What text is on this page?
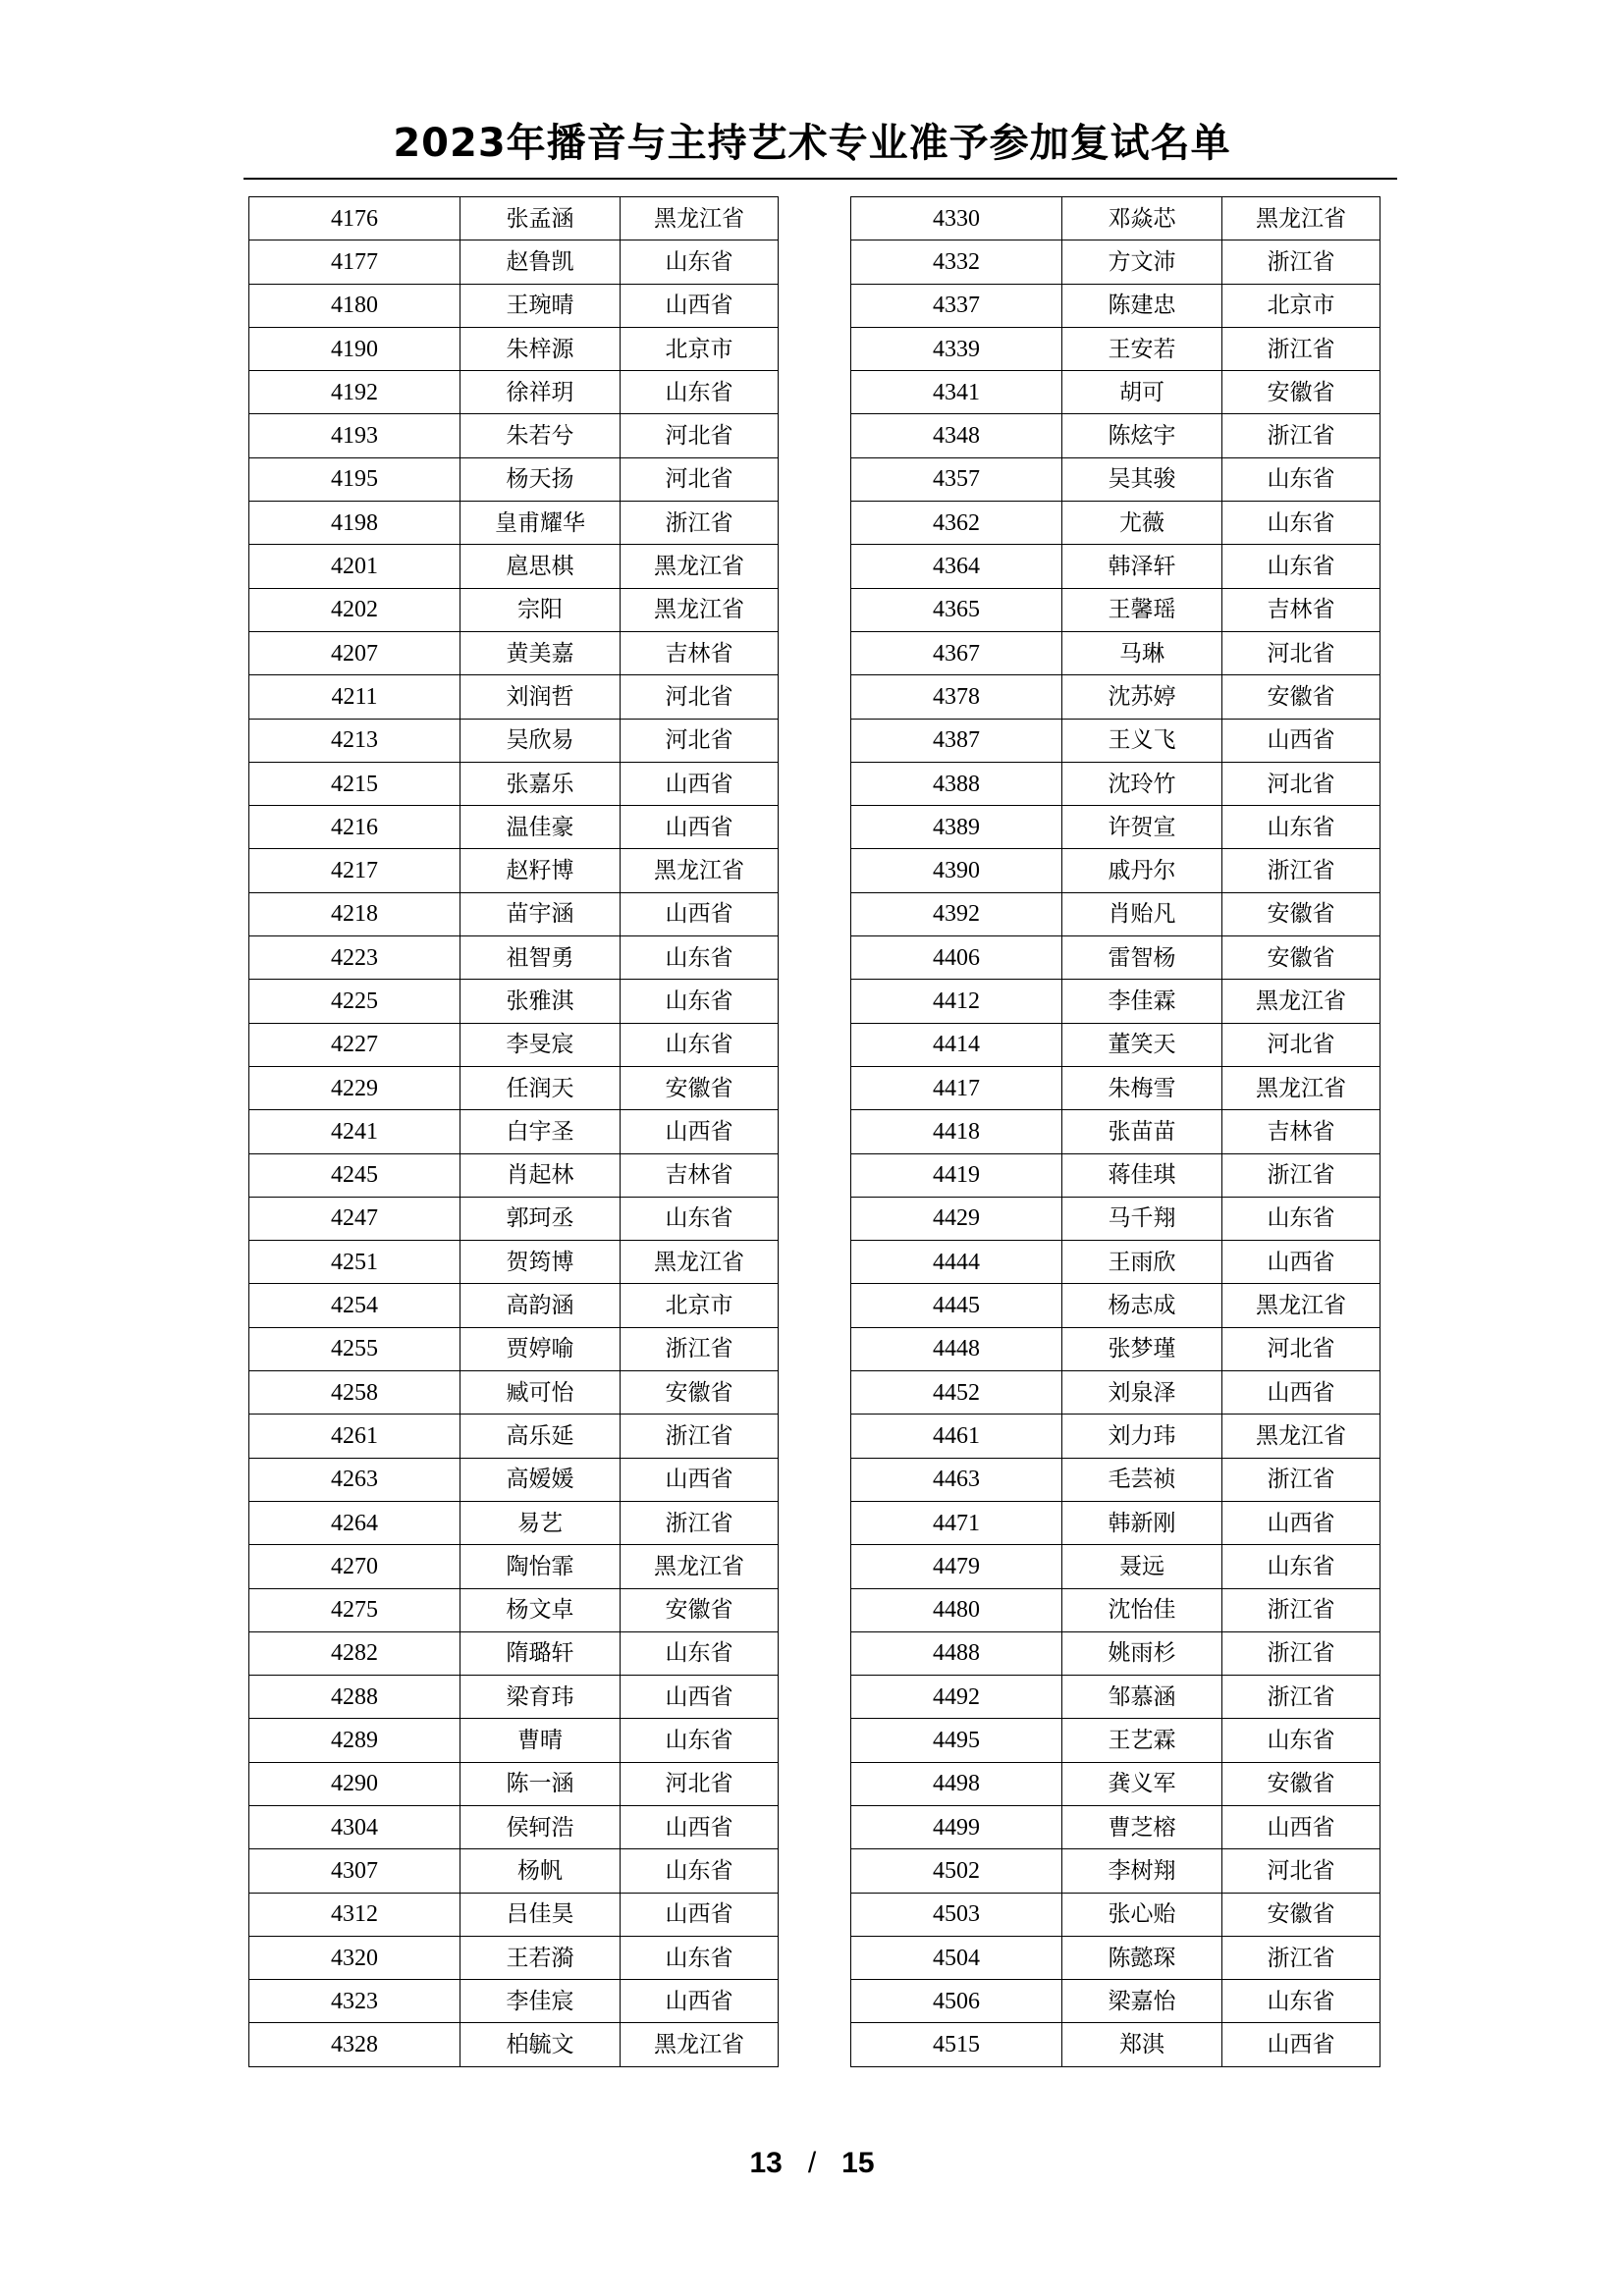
2023年播音与主持艺术专业准予参加复试名单
4176	张孟涵	黑龙江省
4177	赵鲁凯	山东省
4180	王琬晴	山西省
4190	朱梓源	北京市
4192	徐祥玥	山东省
4193	朱若兮	河北省
4195	杨天扬	河北省
4198	皇甫耀华	浙江省
4201	扈思棋	黑龙江省
4202	宗阳	黑龙江省
4207	黄美嘉	吉林省
4211	刘润哲	河北省
4213	吴欣易	河北省
4215	张嘉乐	山西省
4216	温佳豪	山西省
4217	赵籽博	黑龙江省
4218	苗宇涵	山西省
4223	祖智勇	山东省
4225	张雅淇	山东省
4227	李旻宸	山东省
4229	任润天	安徽省
4241	白宇圣	山西省
4245	肖起林	吉林省
4247	郭珂丞	山东省
4251	贺筠博	黑龙江省
4254	高韵涵	北京市
4255	贾婷喻	浙江省
4258	臧可怡	安徽省
4261	高乐延	浙江省
4263	高嫒媛	山西省
4264	易艺	浙江省
4270	陶怡霏	黑龙江省
4275	杨文卓	安徽省
4282	隋璐轩	山东省
4288	梁育玮	山西省
4289	曹晴	山东省
4290	陈一涵	河北省
4304	侯轲浩	山西省
4307	杨帆	山东省
4312	吕佳昊	山西省
4320	王若漪	山东省
4323	李佳宸	山西省
4328	柏毓文	黑龙江省
4330	邓焱芯	黑龙江省
4332	方文沛	浙江省
4337	陈建忠	北京市
4339	王安若	浙江省
4341	胡可	安徽省
4348	陈炫宇	浙江省
4357	吴其骏	山东省
4362	尤薇	山东省
4364	韩泽轩	山东省
4365	王馨瑶	吉林省
4367	马琳	河北省
4378	沈苏婷	安徽省
4387	王义飞	山西省
4388	沈玲竹	河北省
4389	许贺宣	山东省
4390	戚丹尔	浙江省
4392	肖贻凡	安徽省
4406	雷智杨	安徽省
4412	李佳霖	黑龙江省
4414	董笑天	河北省
4417	朱梅雪	黑龙江省
4418	张苗苗	吉林省
4419	蒋佳琪	浙江省
4429	马千翔	山东省
4444	王雨欣	山西省
4445	杨志成	黑龙江省
4448	张梦瑾	河北省
4452	刘泉泽	山西省
4461	刘力玮	黑龙江省
4463	毛芸祯	浙江省
4471	韩新刚	山西省
4479	聂远	山东省
4480	沈怡佳	浙江省
4488	姚雨杉	浙江省
4492	邹慕涵	浙江省
4495	王艺霖	山东省
4498	龚义军	安徽省
4499	曹芝榕	山西省
4502	李树翔	河北省
4503	张心贻	安徽省
4504	陈懿琛	浙江省
4506	梁嘉怡	山东省
4515	郑淇	山西省
13 / 15
